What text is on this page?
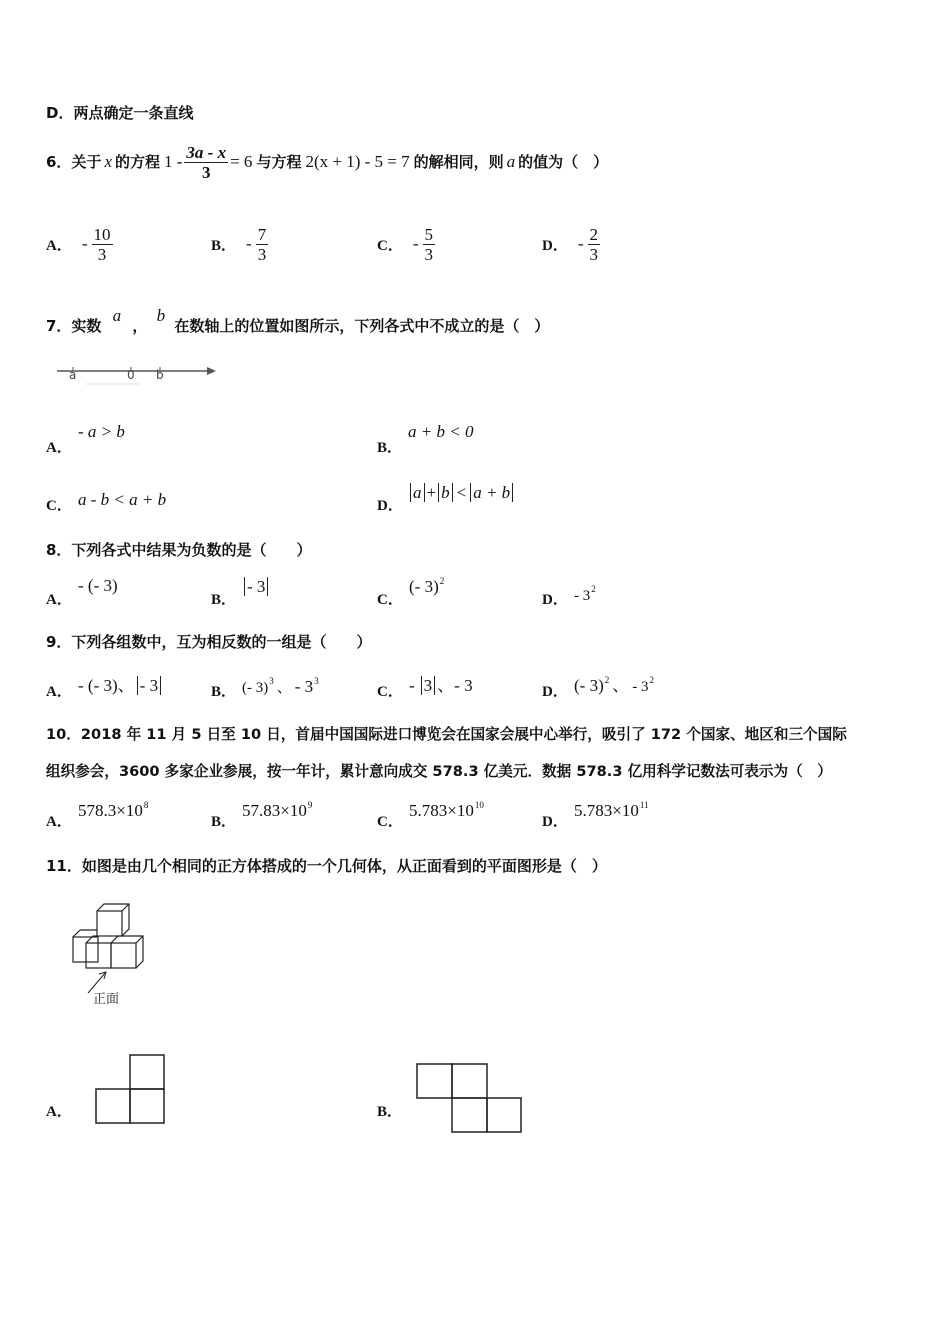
D．两点确定一条直线
6．关于 x 的方程 $1 - \frac{3a - x}{3} = 6$ 与方程 2(x + 1) - 5 = 7 的解相同，则 a 的值为（　）
A． - $\frac{10}{3}$	B． - $\frac{7}{3}$	C． - $\frac{5}{3}$	D． - $\frac{2}{3}$
7．实数 a ， b 在数轴上的位置如图所示，下列各式中不成立的是（　）
a	0 b
A．
- a > b
B．
a + b < 0
C． a - b < a + b	D．
a + b < a + b
8．下列各式中结果为负数的是（　　）
A．
- (- 3)
B．
- 3
C．
(- 3)$^2$
D． - $3^2$
9．下列各组数中，互为相反数的一组是（　　）
A． - (- 3)、 - 3	B． (- 3)$^3$ 、 - $3^3$
C． - 3 、- 3	D． (- 3)$^2$ 、 - $3^2$
10．2018 年 11 月 5 日至 10 日，首届中国国际进口博览会在国家会展中心举行，吸引了 172 个国家、地区和三个国际
组织参会，3600 多家企业参展，按一年计，累计意向成交 578.3 亿美元．数据 578.3 亿用科学记数法可表示为（　）
A．
$578.3\times 10^8$
B．
$57.83\times 10^9$
C．
$5.783\times 10^{10}$
D．
$5.783\times 10^{11}$
11．如图是由几个相同的正方体搭成的一个几何体，从正面看到的平面图形是（　）
正面
A．	B．
